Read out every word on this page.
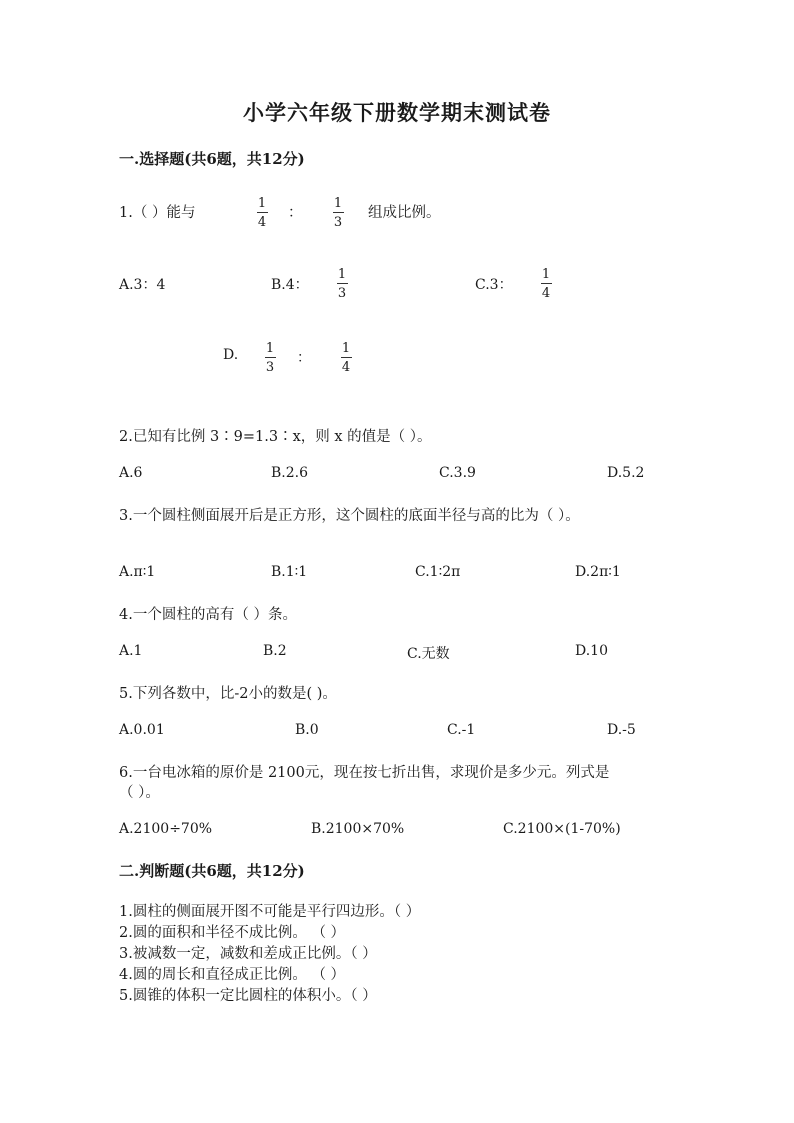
小学六年级下册数学期末测试卷
一.选择题(共6题，共12分)
1.（ ）能与
1
4
：
1
3
组成比例。
A.3：4	B.4：
1
3
C.3：
1
4
D. 1
3
：
1
4
2.已知有比例 3∶9=1.3∶x，则 x 的值是（ ）。
A.6	B.2.6	C.3.9	D.5.2
3.一个圆柱侧面展开后是正方形，这个圆柱的底面半径与高的比为（ ）。
A.π∶1	B.1∶1	C.1∶2π	D.2π∶1
4.一个圆柱的高有（ ）条。
A.1	B.2	C.无数	D.10
5.下列各数中，比-2小的数是( )。
A.0.01	B.0	C.-1	D.-5
6.一台电冰箱的原价是 2100元，现在按七折出售，求现价是多少元。列式是
（ ）。
A.2100÷70%	B.2100×70%	C.2100×(1-70%)
二.判断题(共6题，共12分)
1.圆柱的侧面展开图不可能是平行四边形。（ ）
2.圆的面积和半径不成比例。 （ ）
3.被减数一定，减数和差成正比例。（ ）
4.圆的周长和直径成正比例。 （ ）
5.圆锥的体积一定比圆柱的体积小。（ ）
